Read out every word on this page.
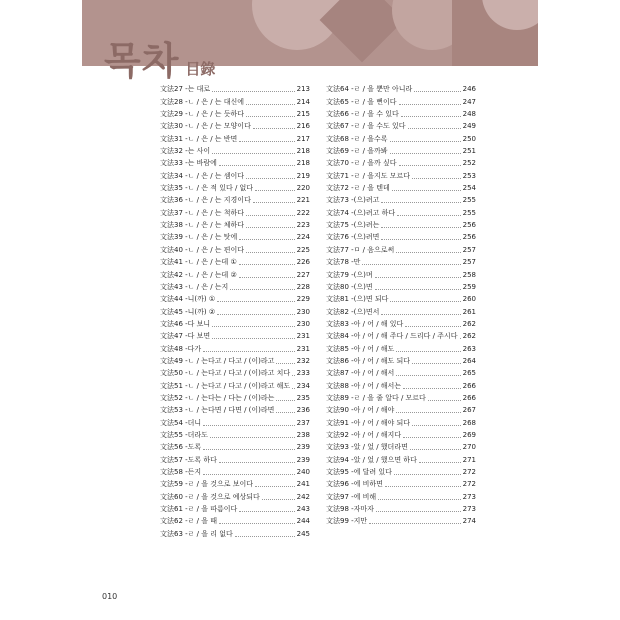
목차 目錄
文法27 -는 대로	213
文法28 -ㄴ / 은 / 는 대신에	214
文法29 -ㄴ / 은 / 는 듯하다	215
文法30 -ㄴ / 은 / 는 모양이다	216
文法31 -ㄴ / 은 / 는 반면	217
文法32 -는 사이	218
文法33 -는 바람에	218
文法34 -ㄴ / 은 / 는 셈이다	219
文法35 -ㄴ / 은 적 있다 / 없다	220
文法36 -ㄴ / 은 / 는 지경이다	221
文法37 -ㄴ / 은 / 는 척하다	222
文法38 -ㄴ / 은 / 는 체하다	223
文法39 -ㄴ / 은 / 는 탓에	224
文法40 -ㄴ / 은 / 는 편이다	225
文法41 -ㄴ / 은 / 는데 ①	226
文法42 -ㄴ / 은 / 는데 ②	227
文法43 -ㄴ / 은 / 는지	228
文法44 -니(까) ①	229
文法45 -니(까) ②	230
文法46 -다 보니	230
文法47 -다 보면	231
文法48 -다가	231
文法49 -ㄴ / 는다고 / 다고 / (이)라고	232
文法50 -ㄴ / 는다고 / 다고 / (이)라고 치다 233
文法51 -ㄴ / 는다고 / 다고 / (이)라고 해도 234
文法52 -ㄴ / 는다는 / 다는 / (이)라는	235
文法53 -ㄴ / 는다면 / 다면 / (이)라면	236
文法54 -더니	237
文法55 -더라도	238
文法56 -도록	239
文法57 -도록 하다	239
文法58 -든지	240
文法59 -ㄹ / 을 것으로 보이다	241
文法60 -ㄹ / 을 것으로 예상되다	242
文法61 -ㄹ / 을 따름이다	243
文法62 -ㄹ / 을 때	244
文法63 -ㄹ / 을 리 없다	245
文法64 -ㄹ / 을 뿐만 아니라	246
文法65 -ㄹ / 을 뻔이다	247
文法66 -ㄹ / 을 수 있다	248
文法67 -ㄹ / 을 수도 있다	249
文法68 -ㄹ / 을수록	250
文法69 -ㄹ / 을까봐	251
文法70 -ㄹ / 을까 싶다	252
文法71 -ㄹ / 을지도 모르다	253
文法72 -ㄹ / 을 텐데	254
文法73 -(으)려고	255
文法74 -(으)려고 하다	255
文法75 -(으)려는	256
文法76 -(으)려면	256
文法77 -ㅁ / 음으로써	257
文法78 -만	257
文法79 -(으)며	258
文法80 -(으)면	259
文法81 -(으)면 되다	260
文法82 -(으)면서	261
文法83 -아 / 어 / 해 있다	262
文法84 -아 / 어 / 해 주다 / 드리다 / 주시다 262
文法85 -아 / 어 / 해도	263
文法86 -아 / 어 / 해도 되다	264
文法87 -아 / 어 / 해서	265
文法88 -아 / 어 / 해서는	266
文法89 -ㄹ / 을 줄 알다 / 모르다	266
文法90 -아 / 어 / 해야	267
文法91 -아 / 어 / 해야 되다	268
文法92 -아 / 어 / 해지다	269
文法93 -았 / 었 / 했더라면	270
文法94 -았 / 었 / 했으면 하다	271
文法95 -에 달려 있다	272
文法96 -에 비하면	272
文法97 -에 비해	273
文法98 -자마자	273
文法99 -지만	274
010
